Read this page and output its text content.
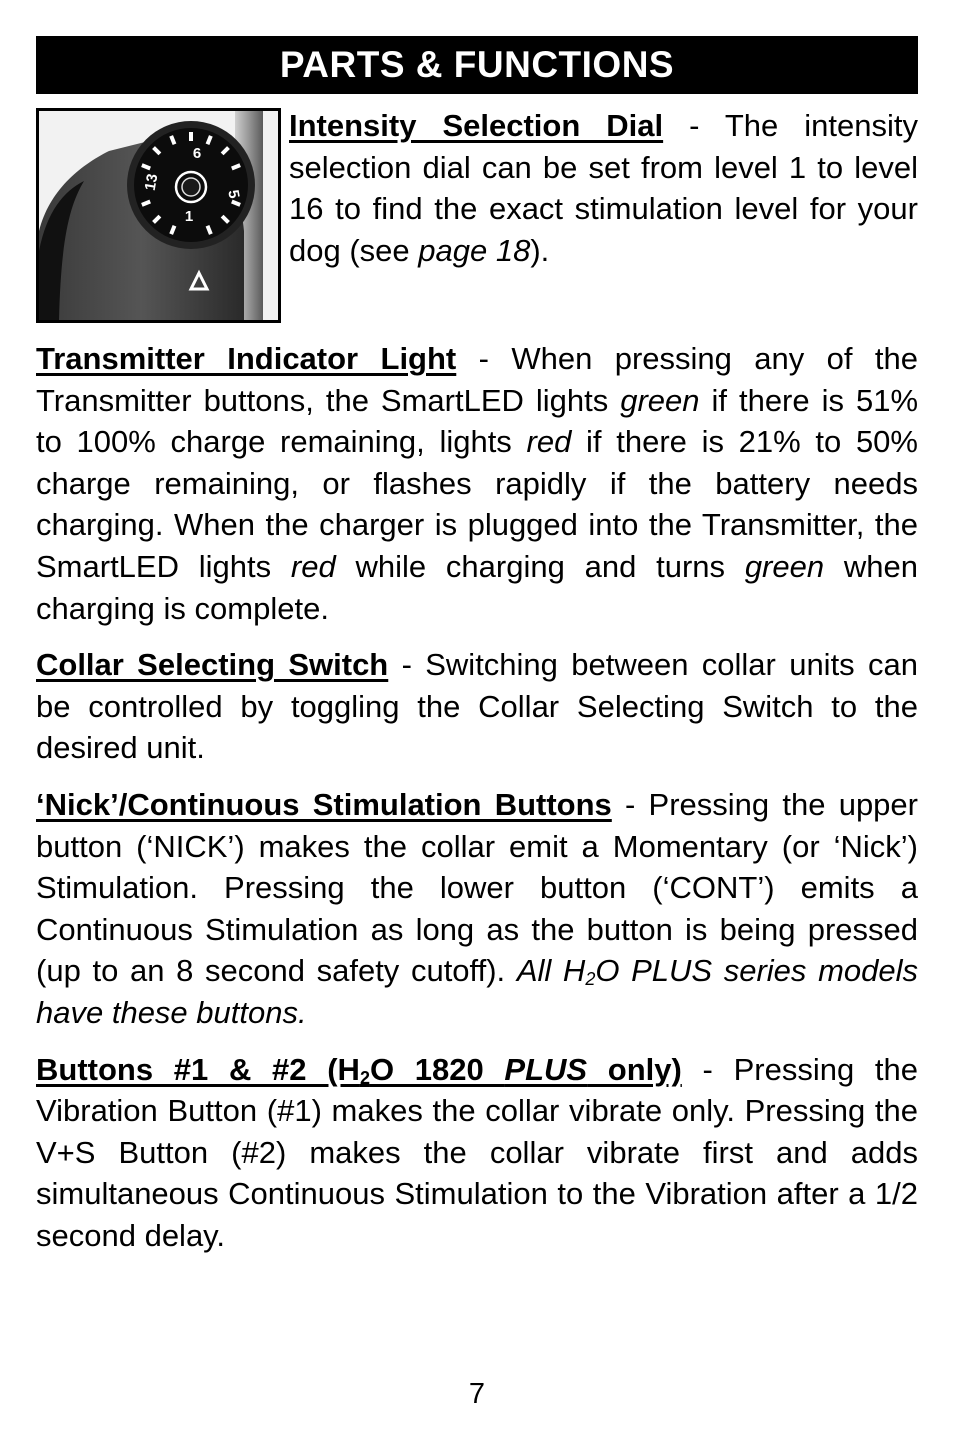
PARTS & FUNCTIONS
6
13
5
1

Intensity Selection Dial - The intensity selection dial can be set from level 1 to level 16 to find the exact stimulation level for your dog (see page 18).

Transmitter Indicator Light - When pressing any of the Transmitter buttons, the SmartLED lights green if there is 51% to 100% charge remaining, lights red if there is 21% to 50% charge remaining, or flashes rapidly if the battery needs charging. When the charger is plugged into the Transmitter, the SmartLED lights red while charging and turns green when charging is complete.

Collar Selecting Switch - Switching between collar units can be controlled by toggling the Collar Selecting Switch to the desired unit.

‘Nick’/Continuous Stimulation Buttons - Pressing the upper button (‘NICK’) makes the collar emit a Momentary (or ‘Nick’) Stimulation. Pressing the lower button (‘CONT’) emits a Continuous Stimulation as long as the button is being pressed (up to an 8 second safety cutoff). All $H_2O$ PLUS series models have these buttons.

Buttons #1 & #2 ($H_2O$ 1820 PLUS only) - Pressing the Vibration Button (#1) makes the collar vibrate only. Pressing the V+S Button (#2) makes the collar vibrate first and adds simultaneous Continuous Stimulation to the Vibration after a 1/2 second delay.

7
